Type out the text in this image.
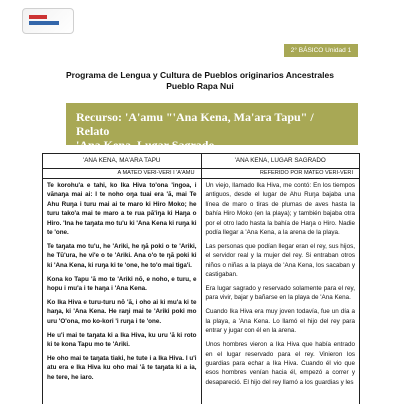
2° BÁSICO Unidad 1
Programa de Lengua y Cultura de Pueblos originarios Ancestrales
Pueblo Rapa Nui
Recurso: 'A'amu "'Ana Kena, Ma'ara Tapu" / Relato
'Ana Kena, Lugar Sagrado
'ANA KENA, MA'ARA TAPU
A MATEO VERI-VERI I 'A'AMU

Te korohu'a e tahi, ko Ika Hiva to'ona 'ingoa, i vānaŋa mai ai: I te noho oŋa tuai era 'ā, mai Te Ahu Ruŋa i turu mai ai te maro ki Hiro Moko; he turu tako'a mai te maro a te rua pā'iŋa ki Haŋa o Hiro. 'Ina he taŋata mo tu'u ki 'Ana Kena ki ruŋa ki te 'one.

Te taŋata mo tu'u, he 'Ariki, he ŋā poki o te 'Ariki, he Tū'ura, he vi'e o te 'Ariki. Ana o'o te ŋā poki ki ki 'Ana Kena, ki ruŋa ki te 'one, he to'o mai tiga'i.

Kona ko Tapu 'ā mo te 'Ariki nō, e noho, e turu, e hopu i mu'a i te haŋa i 'Ana Kena.

Ko Ika Hiva e turu-turu nō 'ā, i oho ai ki mu'a ki te haŋa, ki 'Ana Kena. He raŋi mai te 'Ariki poki mo uru 'O'ona, mo ko-kori 'i ruŋa i te 'one.

He u'i mai te taŋata ki a Ika Hiva, ku uru 'ā ki roto ki te kona Tapu mo te 'Ariki.

He oho mai te taŋata tiaki, he tute i a Ika Hiva. I u'i atu era e Ika Hiva ku oho mai 'ā te taŋata ki a ia, he tere, he iaro.

'ANA KENA, LUGAR SAGRADO
REFERIDO POR MATEO VERI-VERI

Un viejo, llamado Ika Hiva, me contó: En los tiempos antiguos, desde el lugar de Ahu Ruŋa bajaba una línea de maro o tiras de plumas de aves hasta la bahía Hiro Moko (en la playa); y también bajaba otra por el otro lado hasta la bahía de Haŋa o Hiro. Nadie podía llegar a 'Ana Kena, a la arena de la playa.

Las personas que podían llegar eran el rey, sus hijos, el servidor real y la mujer del rey. Si entraban otros niños o niñas a la playa de 'Ana Kena, los sacaban y castigaban.

Era lugar sagrado y reservado solamente para el rey, para vivir, bajar y bañarse en la playa de 'Ana Kena.

Cuando Ika Hiva era muy joven todavía, fue un día a la playa, a 'Ana Kena. Lo llamó el hijo del rey para entrar y jugar con él en la arena.

Unos hombres vieron a Ika Hiva que había entrado en el lugar reservado para el rey. Vinieron los guardias para echar a Ika Hiva. Cuando él vio que esos hombres venían hacia él, empezó a correr y desapareció. El hijo del rey llamó a los guardias y les
